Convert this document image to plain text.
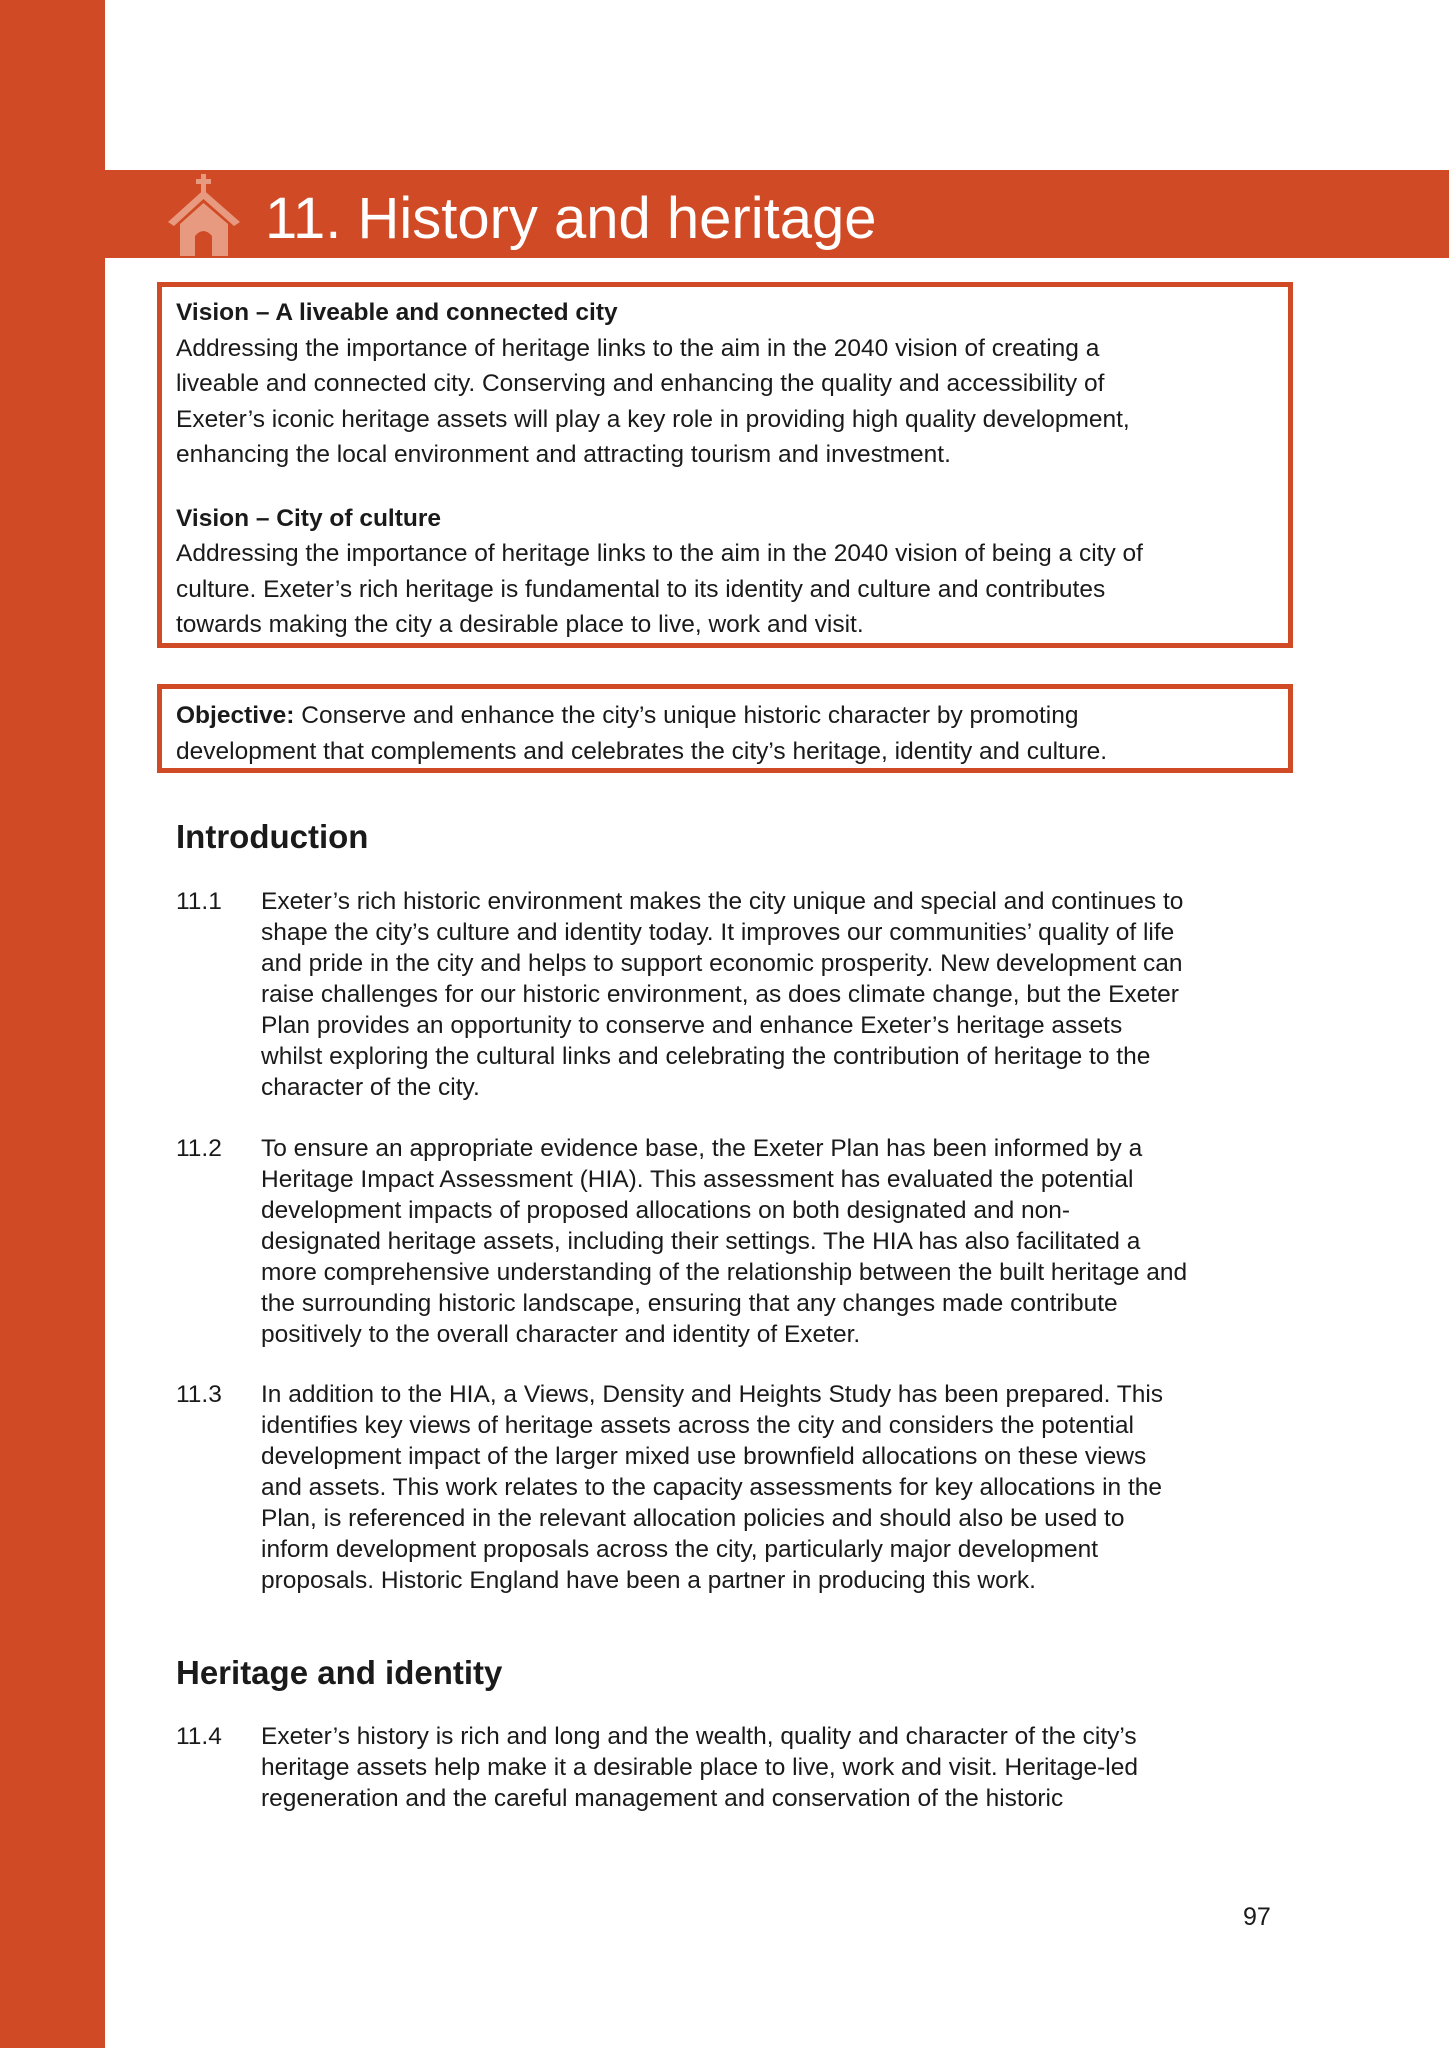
11. History and heritage
Vision – A liveable and connected city

Addressing the importance of heritage links to the aim in the 2040 vision of creating a

liveable and connected city. Conserving and enhancing the quality and accessibility of

Exeter’s iconic heritage assets will play a key role in providing high quality development,

enhancing the local environment and attracting tourism and investment.

Vision – City of culture

Addressing the importance of heritage links to the aim in the 2040 vision of being a city of

culture. Exeter’s rich heritage is fundamental to its identity and culture and contributes

towards making the city a desirable place to live, work and visit.

Objective: Conserve and enhance the city’s unique historic character by promoting

development that complements and celebrates the city’s heritage, identity and culture.

Introduction
11.1	Exeter’s rich historic environment makes the city unique and special and continues to
shape the city’s culture and identity today. It improves our communities’ quality of life
and pride in the city and helps to support economic prosperity. New development can
raise challenges for our historic environment, as does climate change, but the Exeter
Plan provides an opportunity to conserve and enhance Exeter’s heritage assets
whilst exploring the cultural links and celebrating the contribution of heritage to the
character of the city.
11.2	To ensure an appropriate evidence base, the Exeter Plan has been informed by a
Heritage Impact Assessment (HIA). This assessment has evaluated the potential
development impacts of proposed allocations on both designated and non-
designated heritage assets, including their settings. The HIA has also facilitated a
more comprehensive understanding of the relationship between the built heritage and
the surrounding historic landscape, ensuring that any changes made contribute
positively to the overall character and identity of Exeter.
11.3	In addition to the HIA, a Views, Density and Heights Study has been prepared. This
identifies key views of heritage assets across the city and considers the potential
development impact of the larger mixed use brownfield allocations on these views
and assets. This work relates to the capacity assessments for key allocations in the
Plan, is referenced in the relevant allocation policies and should also be used to
inform development proposals across the city, particularly major development
proposals. Historic England have been a partner in producing this work.
Heritage and identity
11.4	Exeter’s history is rich and long and the wealth, quality and character of the city’s
heritage assets help make it a desirable place to live, work and visit. Heritage-led
regeneration and the careful management and conservation of the historic
97
